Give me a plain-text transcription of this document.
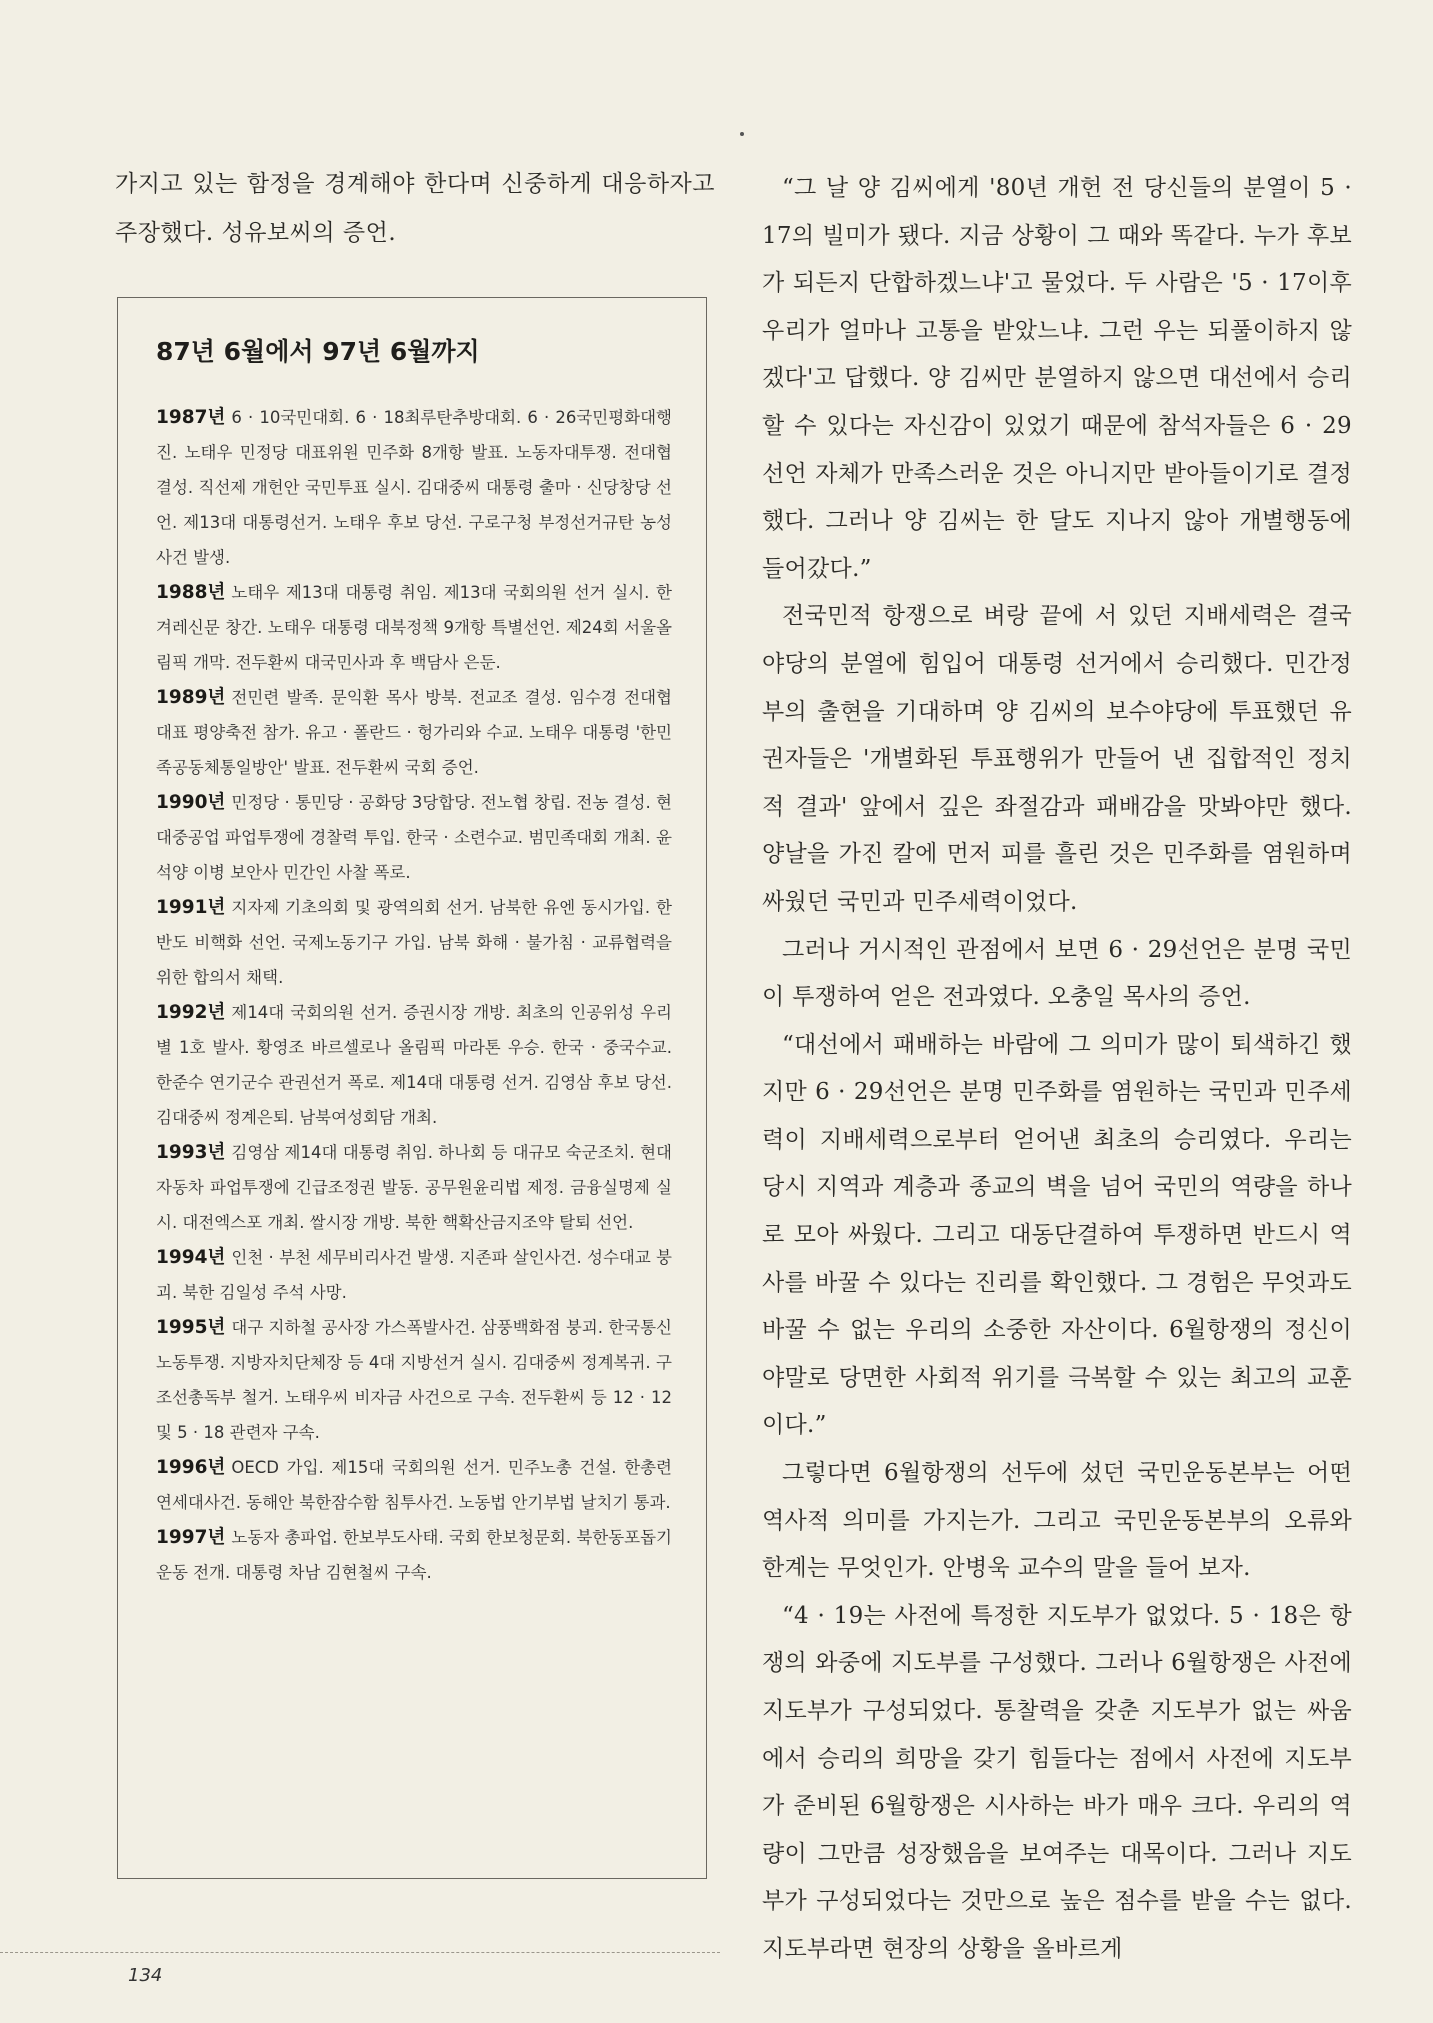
가지고 있는 함정을 경계해야 한다며 신중하게 대응하자고 주장했다. 성유보씨의 증언.

87년 6월에서 97년 6월까지

1987년 6 · 10국민대회. 6 · 18최루탄추방대회. 6 · 26국민평화대행진. 노태우 민정당 대표위원 민주화 8개항 발표. 노동자대투쟁. 전대협 결성. 직선제 개헌안 국민투표 실시. 김대중씨 대통령 출마 · 신당창당 선언. 제13대 대통령선거. 노태우 후보 당선. 구로구청 부정선거규탄 농성사건 발생.

1988년 노태우 제13대 대통령 취임. 제13대 국회의원 선거 실시. 한겨레신문 창간. 노태우 대통령 대북정책 9개항 특별선언. 제24회 서울올림픽 개막. 전두환씨 대국민사과 후 백담사 은둔.

1989년 전민련 발족. 문익환 목사 방북. 전교조 결성. 임수경 전대협 대표 평양축전 참가. 유고 · 폴란드 · 헝가리와 수교. 노태우 대통령 '한민족공동체통일방안' 발표. 전두환씨 국회 증언.

1990년 민정당 · 통민당 · 공화당 3당합당. 전노협 창립. 전농 결성. 현대중공업 파업투쟁에 경찰력 투입. 한국 · 소련수교. 범민족대회 개최. 윤석양 이병 보안사 민간인 사찰 폭로.

1991년 지자제 기초의회 및 광역의회 선거. 남북한 유엔 동시가입. 한반도 비핵화 선언. 국제노동기구 가입. 남북 화해 · 불가침 · 교류협력을 위한 합의서 채택.

1992년 제14대 국회의원 선거. 증권시장 개방. 최초의 인공위성 우리별 1호 발사. 황영조 바르셀로나 올림픽 마라톤 우승. 한국 · 중국수교. 한준수 연기군수 관권선거 폭로. 제14대 대통령 선거. 김영삼 후보 당선. 김대중씨 정계은퇴. 남북여성회담 개최.

1993년 김영삼 제14대 대통령 취임. 하나회 등 대규모 숙군조치. 현대자동차 파업투쟁에 긴급조정권 발동. 공무원윤리법 제정. 금융실명제 실시. 대전엑스포 개최. 쌀시장 개방. 북한 핵확산금지조약 탈퇴 선언.

1994년 인천 · 부천 세무비리사건 발생. 지존파 살인사건. 성수대교 붕괴. 북한 김일성 주석 사망.

1995년 대구 지하철 공사장 가스폭발사건. 삼풍백화점 붕괴. 한국통신 노동투쟁. 지방자치단체장 등 4대 지방선거 실시. 김대중씨 정계복귀. 구 조선총독부 철거. 노태우씨 비자금 사건으로 구속. 전두환씨 등 12 · 12 및 5 · 18 관련자 구속.

1996년 OECD 가입. 제15대 국회의원 선거. 민주노총 건설. 한총련 연세대사건. 동해안 북한잠수함 침투사건. 노동법 안기부법 날치기 통과.

1997년 노동자 총파업. 한보부도사태. 국회 한보청문회. 북한동포돕기운동 전개. 대통령 차남 김현철씨 구속.

“그 날 양 김씨에게 '80년 개헌 전 당신들의 분열이 5 · 17의 빌미가 됐다. 지금 상황이 그 때와 똑같다. 누가 후보가 되든지 단합하겠느냐'고 물었다. 두 사람은 '5 · 17이후 우리가 얼마나 고통을 받았느냐. 그런 우는 되풀이하지 않겠다'고 답했다. 양 김씨만 분열하지 않으면 대선에서 승리할 수 있다는 자신감이 있었기 때문에 참석자들은 6 · 29선언 자체가 만족스러운 것은 아니지만 받아들이기로 결정했다. 그러나 양 김씨는 한 달도 지나지 않아 개별행동에 들어갔다.”

전국민적 항쟁으로 벼랑 끝에 서 있던 지배세력은 결국 야당의 분열에 힘입어 대통령 선거에서 승리했다. 민간정부의 출현을 기대하며 양 김씨의 보수야당에 투표했던 유권자들은 '개별화된 투표행위가 만들어 낸 집합적인 정치적 결과' 앞에서 깊은 좌절감과 패배감을 맛봐야만 했다. 양날을 가진 칼에 먼저 피를 흘린 것은 민주화를 염원하며 싸웠던 국민과 민주세력이었다.

그러나 거시적인 관점에서 보면 6 · 29선언은 분명 국민이 투쟁하여 얻은 전과였다. 오충일 목사의 증언.

“대선에서 패배하는 바람에 그 의미가 많이 퇴색하긴 했지만 6 · 29선언은 분명 민주화를 염원하는 국민과 민주세력이 지배세력으로부터 얻어낸 최초의 승리였다. 우리는 당시 지역과 계층과 종교의 벽을 넘어 국민의 역량을 하나로 모아 싸웠다. 그리고 대동단결하여 투쟁하면 반드시 역사를 바꿀 수 있다는 진리를 확인했다. 그 경험은 무엇과도 바꿀 수 없는 우리의 소중한 자산이다. 6월항쟁의 정신이야말로 당면한 사회적 위기를 극복할 수 있는 최고의 교훈이다.”

그렇다면 6월항쟁의 선두에 섰던 국민운동본부는 어떤 역사적 의미를 가지는가. 그리고 국민운동본부의 오류와 한계는 무엇인가. 안병욱 교수의 말을 들어 보자.

“4 · 19는 사전에 특정한 지도부가 없었다. 5 · 18은 항쟁의 와중에 지도부를 구성했다. 그러나 6월항쟁은 사전에 지도부가 구성되었다. 통찰력을 갖춘 지도부가 없는 싸움에서 승리의 희망을 갖기 힘들다는 점에서 사전에 지도부가 준비된 6월항쟁은 시사하는 바가 매우 크다. 우리의 역량이 그만큼 성장했음을 보여주는 대목이다. 그러나 지도부가 구성되었다는 것만으로 높은 점수를 받을 수는 없다. 지도부라면 현장의 상황을 올바르게

134
